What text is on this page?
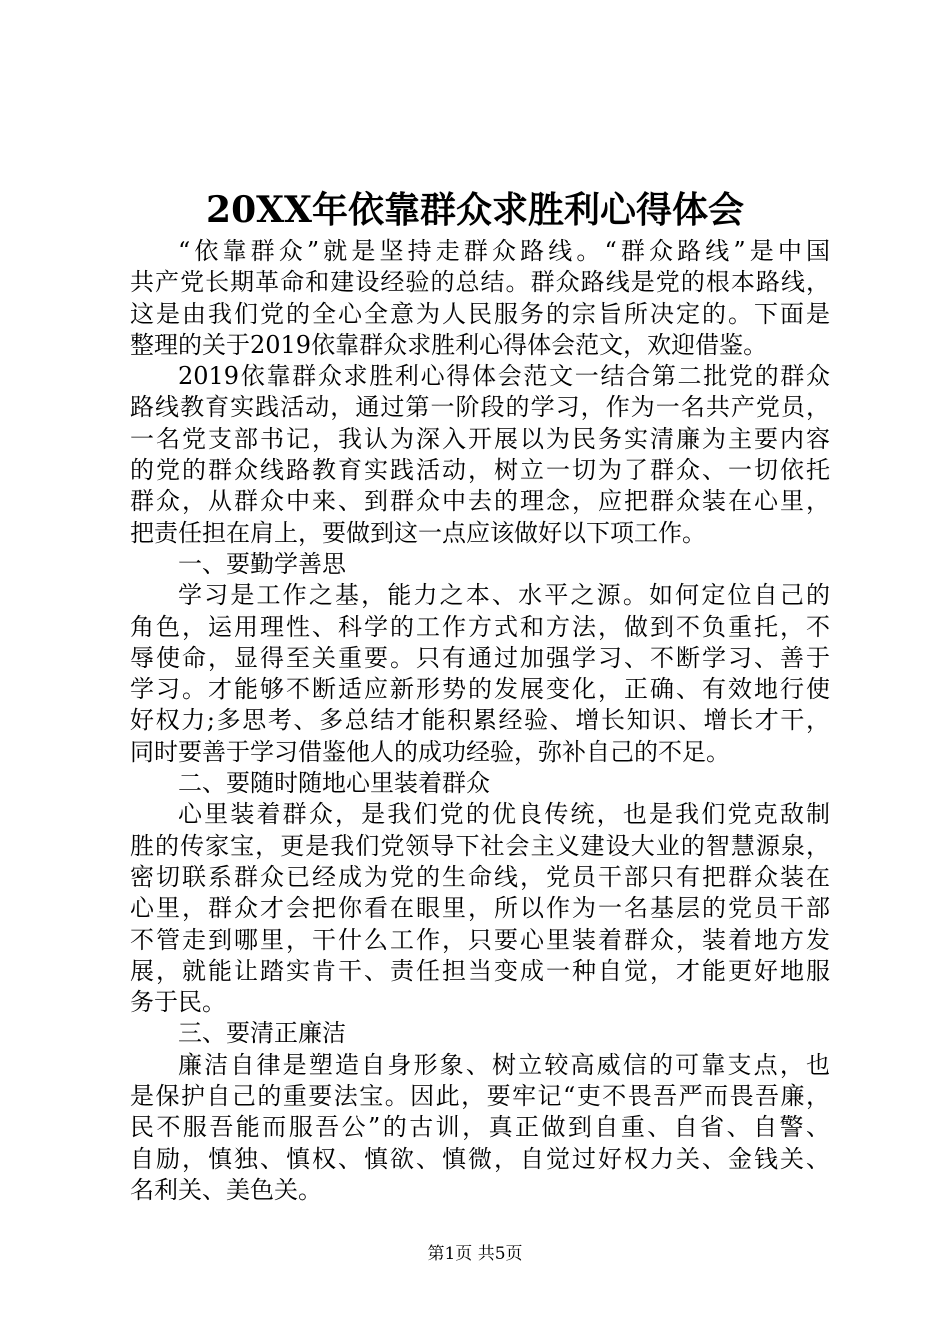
20XX年依靠群众求胜利心得体会
“依靠群众”就是坚持走群众路线。“群众路线”是中国
共产党长期革命和建设经验的总结。群众路线是党的根本路线，
这是由我们党的全心全意为人民服务的宗旨所决定的。下面是
整理的关于2019依靠群众求胜利心得体会范文，欢迎借鉴。
2019依靠群众求胜利心得体会范文一结合第二批党的群众
路线教育实践活动，通过第一阶段的学习，作为一名共产党员，
一名党支部书记，我认为深入开展以为民务实清廉为主要内容
的党的群众线路教育实践活动，树立一切为了群众、一切依托
群众，从群众中来、到群众中去的理念，应把群众装在心里，
把责任担在肩上，要做到这一点应该做好以下项工作。
一、要勤学善思
学习是工作之基，能力之本、水平之源。如何定位自己的
角色，运用理性、科学的工作方式和方法，做到不负重托，不
辱使命，显得至关重要。只有通过加强学习、不断学习、善于
学习。才能够不断适应新形势的发展变化，正确、有效地行使
好权力;多思考、多总结才能积累经验、增长知识、增长才干，
同时要善于学习借鉴他人的成功经验，弥补自己的不足。
二、要随时随地心里装着群众
心里装着群众，是我们党的优良传统，也是我们党克敌制
胜的传家宝，更是我们党领导下社会主义建设大业的智慧源泉，
密切联系群众已经成为党的生命线，党员干部只有把群众装在
心里，群众才会把你看在眼里，所以作为一名基层的党员干部
不管走到哪里，干什么工作，只要心里装着群众，装着地方发
展，就能让踏实肯干、责任担当变成一种自觉，才能更好地服
务于民。
三、要清正廉洁
廉洁自律是塑造自身形象、树立较高威信的可靠支点，也
是保护自己的重要法宝。因此，要牢记“吏不畏吾严而畏吾廉，
民不服吾能而服吾公”的古训，真正做到自重、自省、自警、
自励，慎独、慎权、慎欲、慎微，自觉过好权力关、金钱关、
名利关、美色关。
第1页 共5页
